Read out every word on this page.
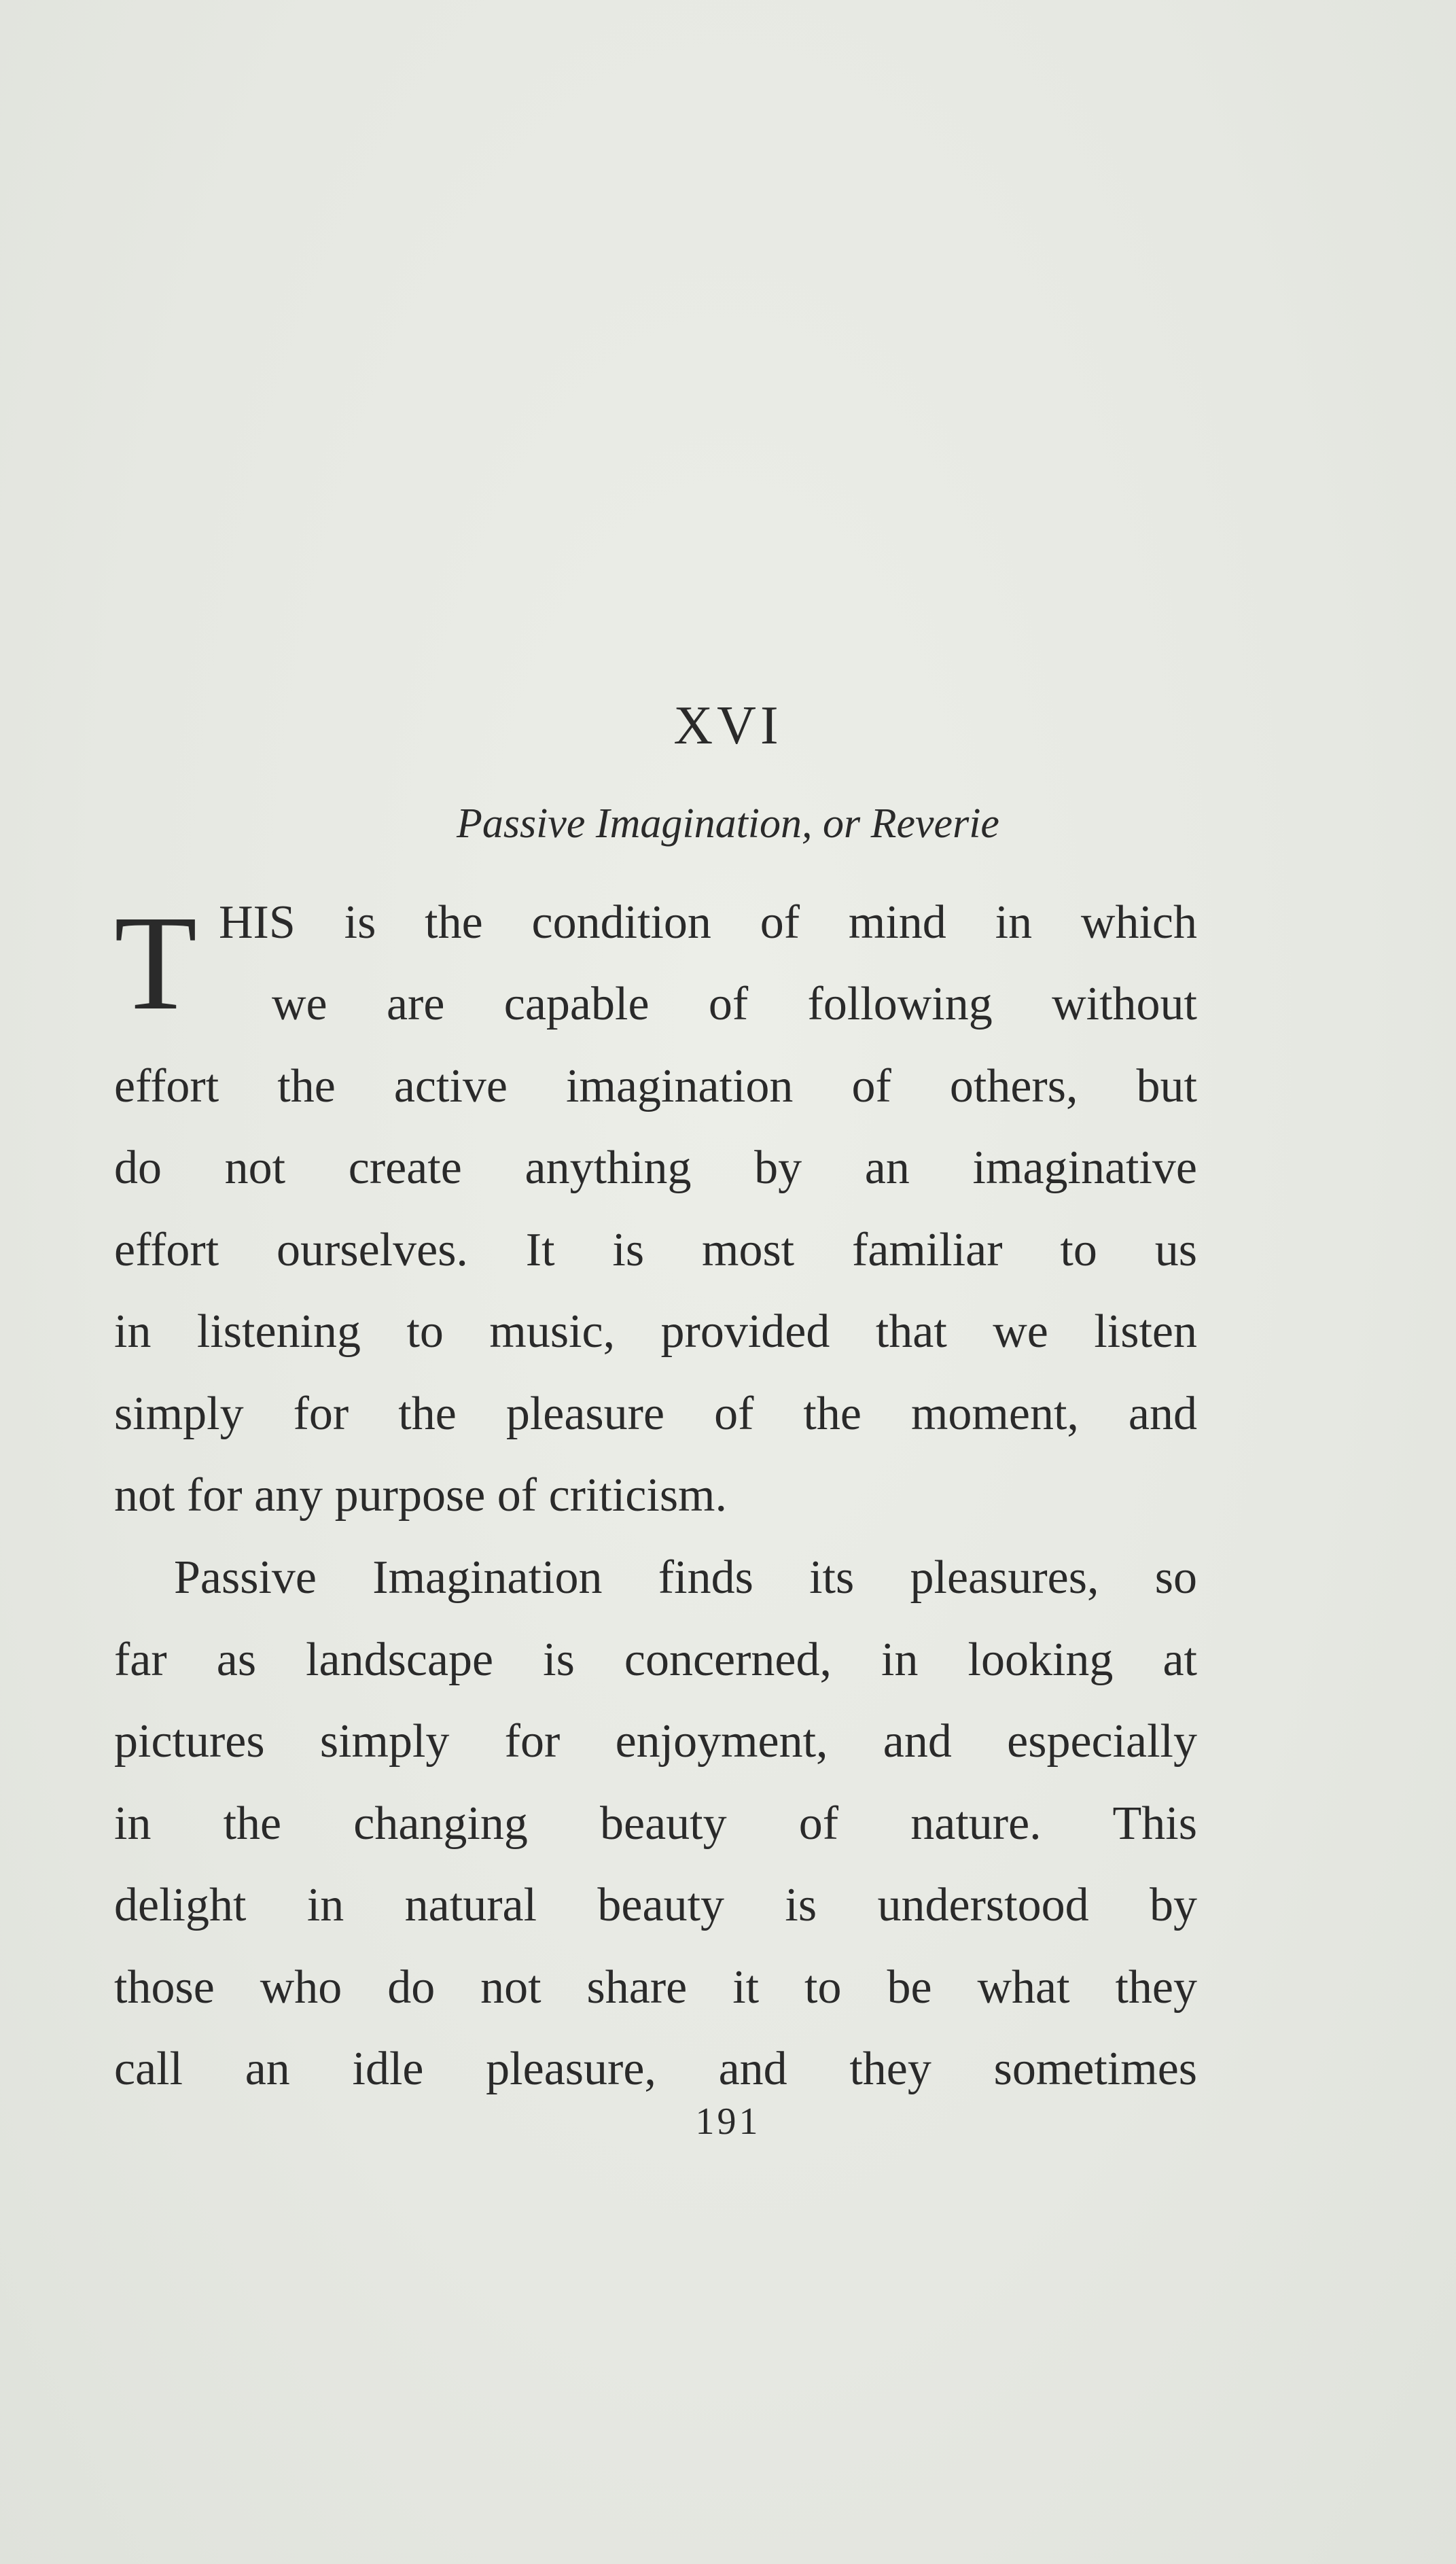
XVI
Passive Imagination, or Reverie
T HIS is the condition of mind in which
we are capable of following without
effort the active imagination of others, but
do not create anything by an imaginative
effort ourselves. It is most familiar to us
in listening to music, provided that we listen
simply for the pleasure of the moment, and
not for any purpose of criticism.
Passive Imagination finds its pleasures, so
far as landscape is concerned, in looking at
pictures simply for enjoyment, and especially
in the changing beauty of nature. This
delight in natural beauty is understood by
those who do not share it to be what they
call an idle pleasure, and they sometimes
191
